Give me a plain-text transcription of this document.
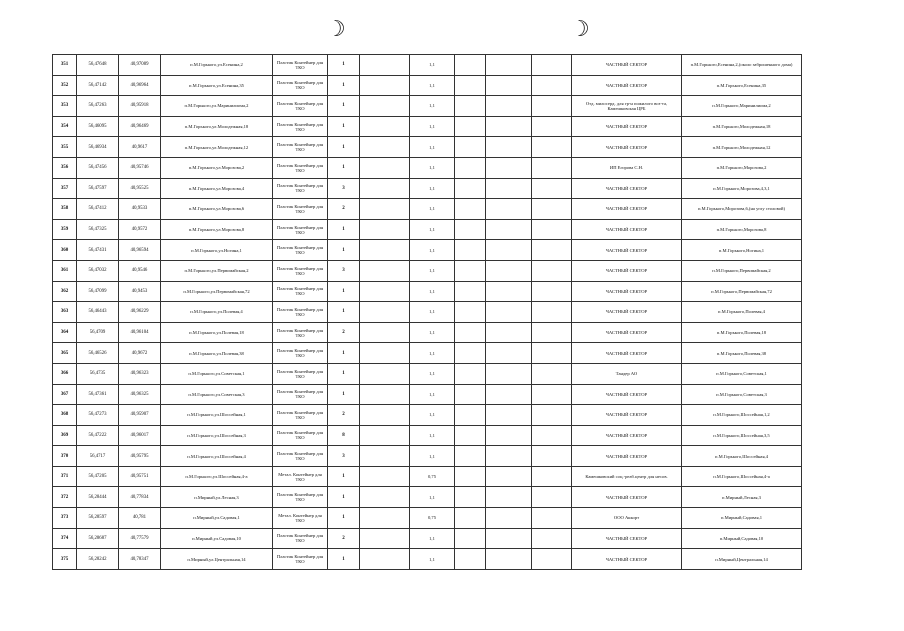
☽	☽
351	56,47648	40,97089	п.М.Горького,ул.Есенина,2	Пластик Контейнер для ТКО	1		1,1				ЧАСТНЫЙ СЕКТОР	п.М.Горького,Есенина,2,(около заброшенного дома)
352	56,47142	40,96964	п.М.Горького,ул.Есенина,35	Пластик Контейнер для ТКО	1		1,1				ЧАСТНЫЙ СЕКТОР	п.М.Горького,Есенина,35
353	56,47263	40,95918	п.М.Горького,ул.Маринилиома,2	Пластик Контейнер для ТКО	1		1,1				Отд. милосерд. для гр-н пожилого воз-та, Камешковская ЦРБ	п.М.Горького,Маринилиома,2
354	56,46095	40,96469	п.М.Горького,ул.Молодежная,18	Пластик Контейнер для ТКО	1		1,1				ЧАСТНЫЙ СЕКТОР	п.М.Горького,Молодежная,18
355	56,46934	40,9617	п.М.Горького,ул.Молодежная,12	Пластик Контейнер для ТКО	1		1,1				ЧАСТНЫЙ СЕКТОР	п.М.Горького,Молодежная,12
356	56,47456	40,95746	п.М.Горького,ул.Морозова,2	Пластик Контейнер для ТКО	1		1,1				ИП Егорова С.Н.	п.М.Горького,Морозова,2
357	56,47597	40,95525	п.М.Горького,ул.Морозова,4	Пластик Контейнер для ТКО	3		1,1				ЧАСТНЫЙ СЕКТОР	п.М.Горького,Морозова,4,3,1
358	56,47412	40,9533	п.М.Горького,ул.Морозова,6	Пластик Контейнер для ТКО	2		1,1				ЧАСТНЫЙ СЕКТОР	п.М.Горького,Морозова,6,(на углу столовой)
359	56,47325	40,9572	п.М.Горького,ул.Морозова,8	Пластик Контейнер для ТКО	1		1,1				ЧАСТНЫЙ СЕКТОР	п.М.Горького,Морозова,8
360	56,47431	40,96594	п.М.Горького,ул.Ногина,1	Пластик Контейнер для ТКО	1		1,1				ЧАСТНЫЙ СЕКТОР	п.М.Горького,Ногина,1
361	56,47032	40,9546	п.М.Горького,ул.Первомайская,2	Пластик Контейнер для ТКО	3		1,1				ЧАСТНЫЙ СЕКТОР	п.М.Горького,Первомайская,2
362	56,47099	40,9453	п.М.Горького,ул.Первомайская,72	Пластик Контейнер для ТКО	1		1,1				ЧАСТНЫЙ СЕКТОР	п.М.Горького,Первомайская,72
363	56,46443	40,96229	п.М.Горького,ул.Полевая,4	Пластик Контейнер для ТКО	1		1,1				ЧАСТНЫЙ СЕКТОР	п.М.Горького,Полевая,4
364	56,4709	40,96104	п.М.Горького,ул.Полевая,18	Пластик Контейнер для ТКО	2		1,1				ЧАСТНЫЙ СЕКТОР	п.М.Горького,Полевая,18
365	56,46526	40,9672	п.М.Горького,ул.Полевая,38	Пластик Контейнер для ТКО	1		1,1				ЧАСТНЫЙ СЕКТОР	п.М.Горького,Полевая,38
366	56,4735	40,96323	п.М.Горького,ул.Советская,1	Пластик Контейнер для ТКО	1		1,1				Тандер АО	п.М.Горького,Советская,1
367	56,47361	40,96325	п.М.Горького,ул.Советская,3	Пластик Контейнер для ТКО	1		1,1				ЧАСТНЫЙ СЕКТОР	п.М.Горького,Советская,3
368	56,47273	40,95907	п.М.Горького,ул.Шоссейная,1	Пластик Контейнер для ТКО	2		1,1				ЧАСТНЫЙ СЕКТОР	п.М.Горького,Шоссейная,1,2
369	56,47222	40,96017	п.М.Горького,ул.Шоссейная,3	Пластик Контейнер для ТКО	8		1,1				ЧАСТНЫЙ СЕКТОР	п.М.Горького,Шоссейная,3,5
370	56,4717	40,95795	п.М.Горького,ул.Шоссейная,4	Пластик Контейнер для ТКО	3		1,1				ЧАСТНЫЙ СЕКТОР	п.М.Горького,Шоссейная,4
371	56,47205	40,95751	п.М.Горького,ул.Шоссейная,4-а	Метал. Контейнер для ТКО	1		0,75				Камешковский соц.-реаб.центр для несов.	п.М.Горького,Шоссейная,4-а
372	56,28444	40,77834	п.Мирный,ул.Лесная,3	Пластик Контейнер для ТКО	1		1,1				ЧАСТНЫЙ СЕКТОР	п.Мирный,Лесная,3
373	56,28597	40,781	п.Мирный,ул.Садовая,1	Метал. Контейнер для ТКО	1		0,75				ООО Аккорт	п.Мирный,Садовая,1
374	56,28687	40,77579	п.Мирный,ул.Садовая,10	Пластик Контейнер для ТКО	2		1,1				ЧАСТНЫЙ СЕКТОР	п.Мирный,Садовая,10
375	56,28242	40,78347	п.Мирный,ул.Центральная,14	Пластик Контейнер для ТКО	1		1,1				ЧАСТНЫЙ СЕКТОР	п.Мирный,Центральная,14
